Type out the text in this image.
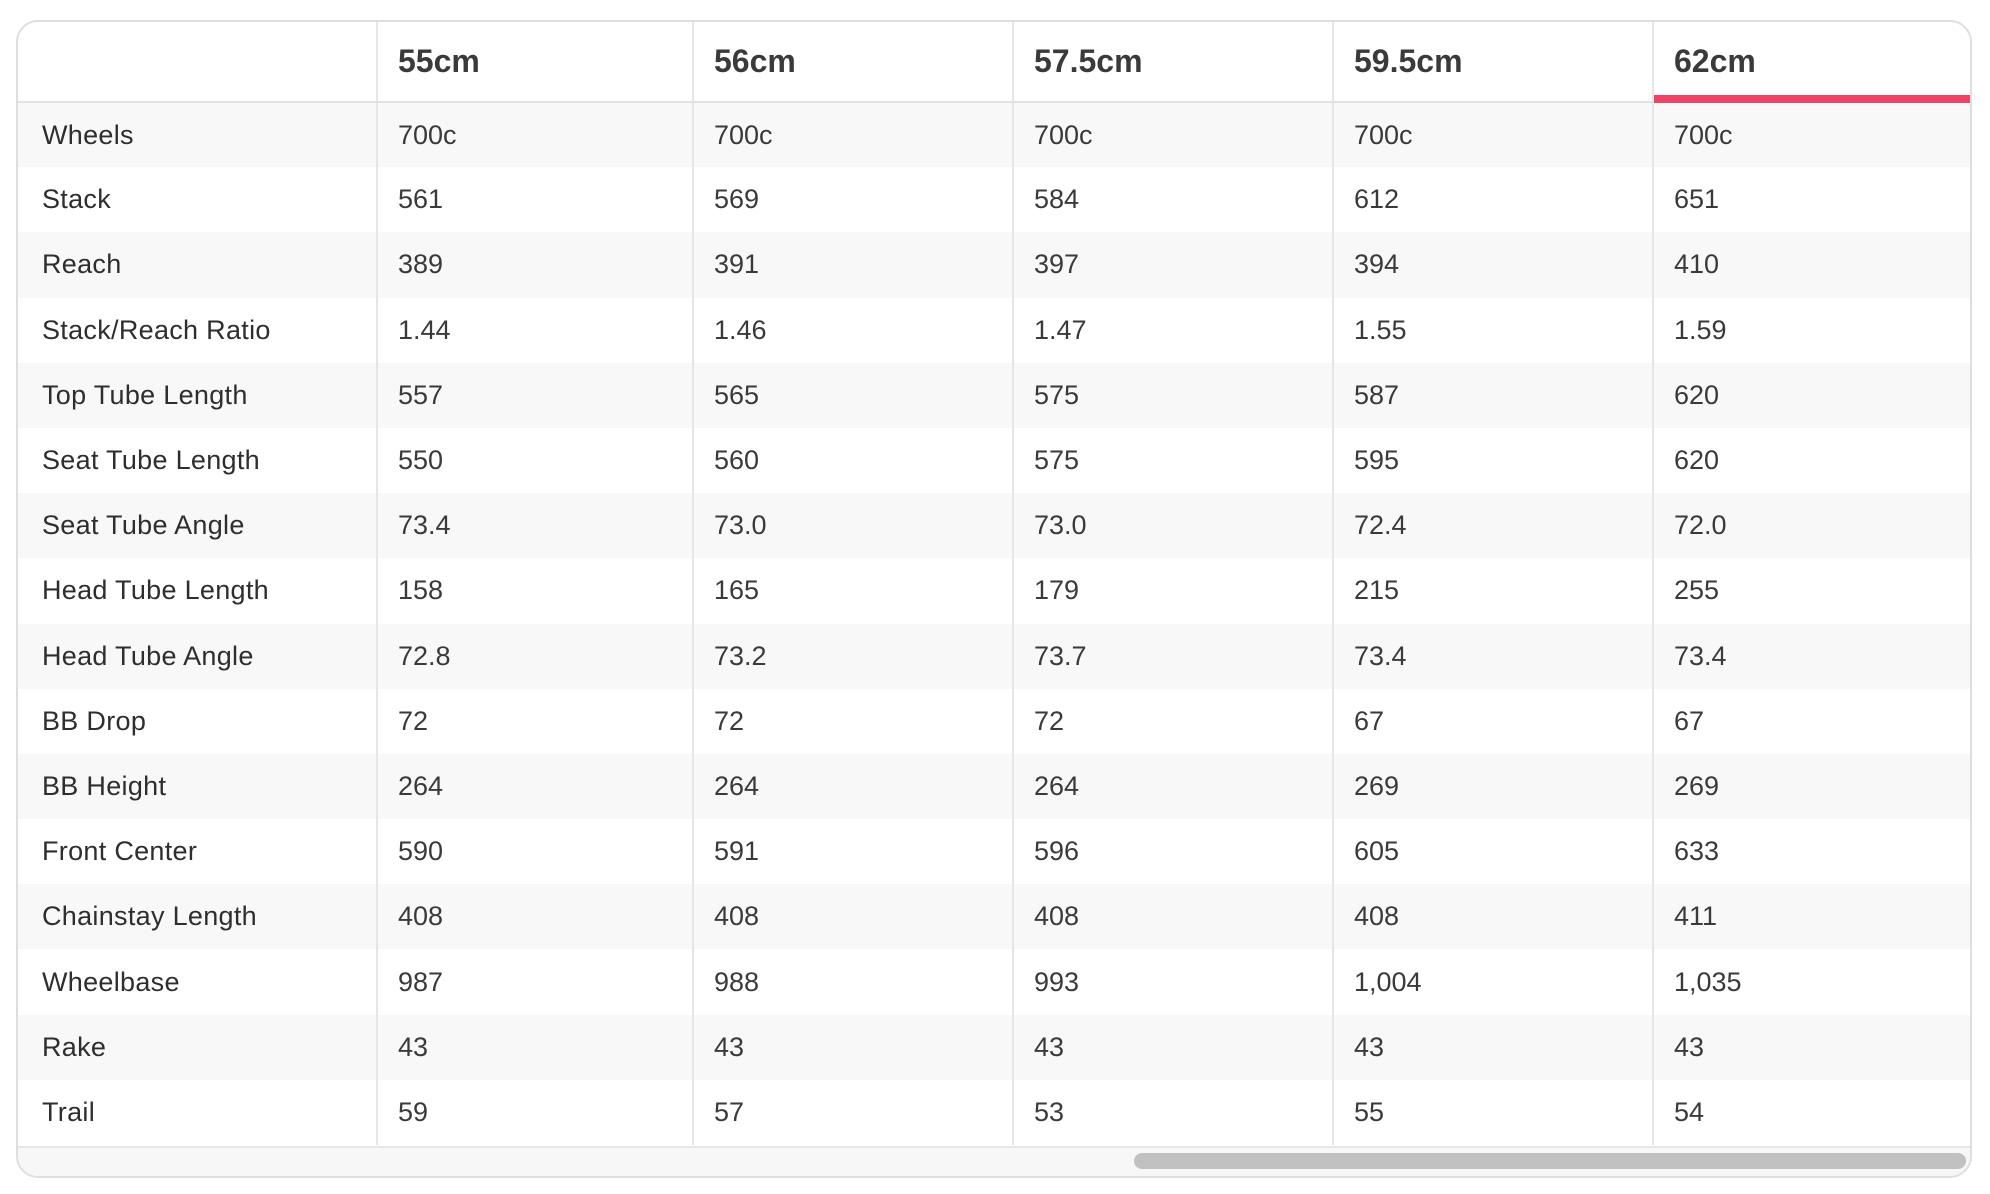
	55cm	56cm	57.5cm	59.5cm	62cm
Wheels	700c	700c	700c	700c	700c
Stack	561	569	584	612	651
Reach	389	391	397	394	410
Stack/Reach Ratio	1.44	1.46	1.47	1.55	1.59
Top Tube Length	557	565	575	587	620
Seat Tube Length	550	560	575	595	620
Seat Tube Angle	73.4	73.0	73.0	72.4	72.0
Head Tube Length	158	165	179	215	255
Head Tube Angle	72.8	73.2	73.7	73.4	73.4
BB Drop	72	72	72	67	67
BB Height	264	264	264	269	269
Front Center	590	591	596	605	633
Chainstay Length	408	408	408	408	411
Wheelbase	987	988	993	1,004	1,035
Rake	43	43	43	43	43
Trail	59	57	53	55	54
